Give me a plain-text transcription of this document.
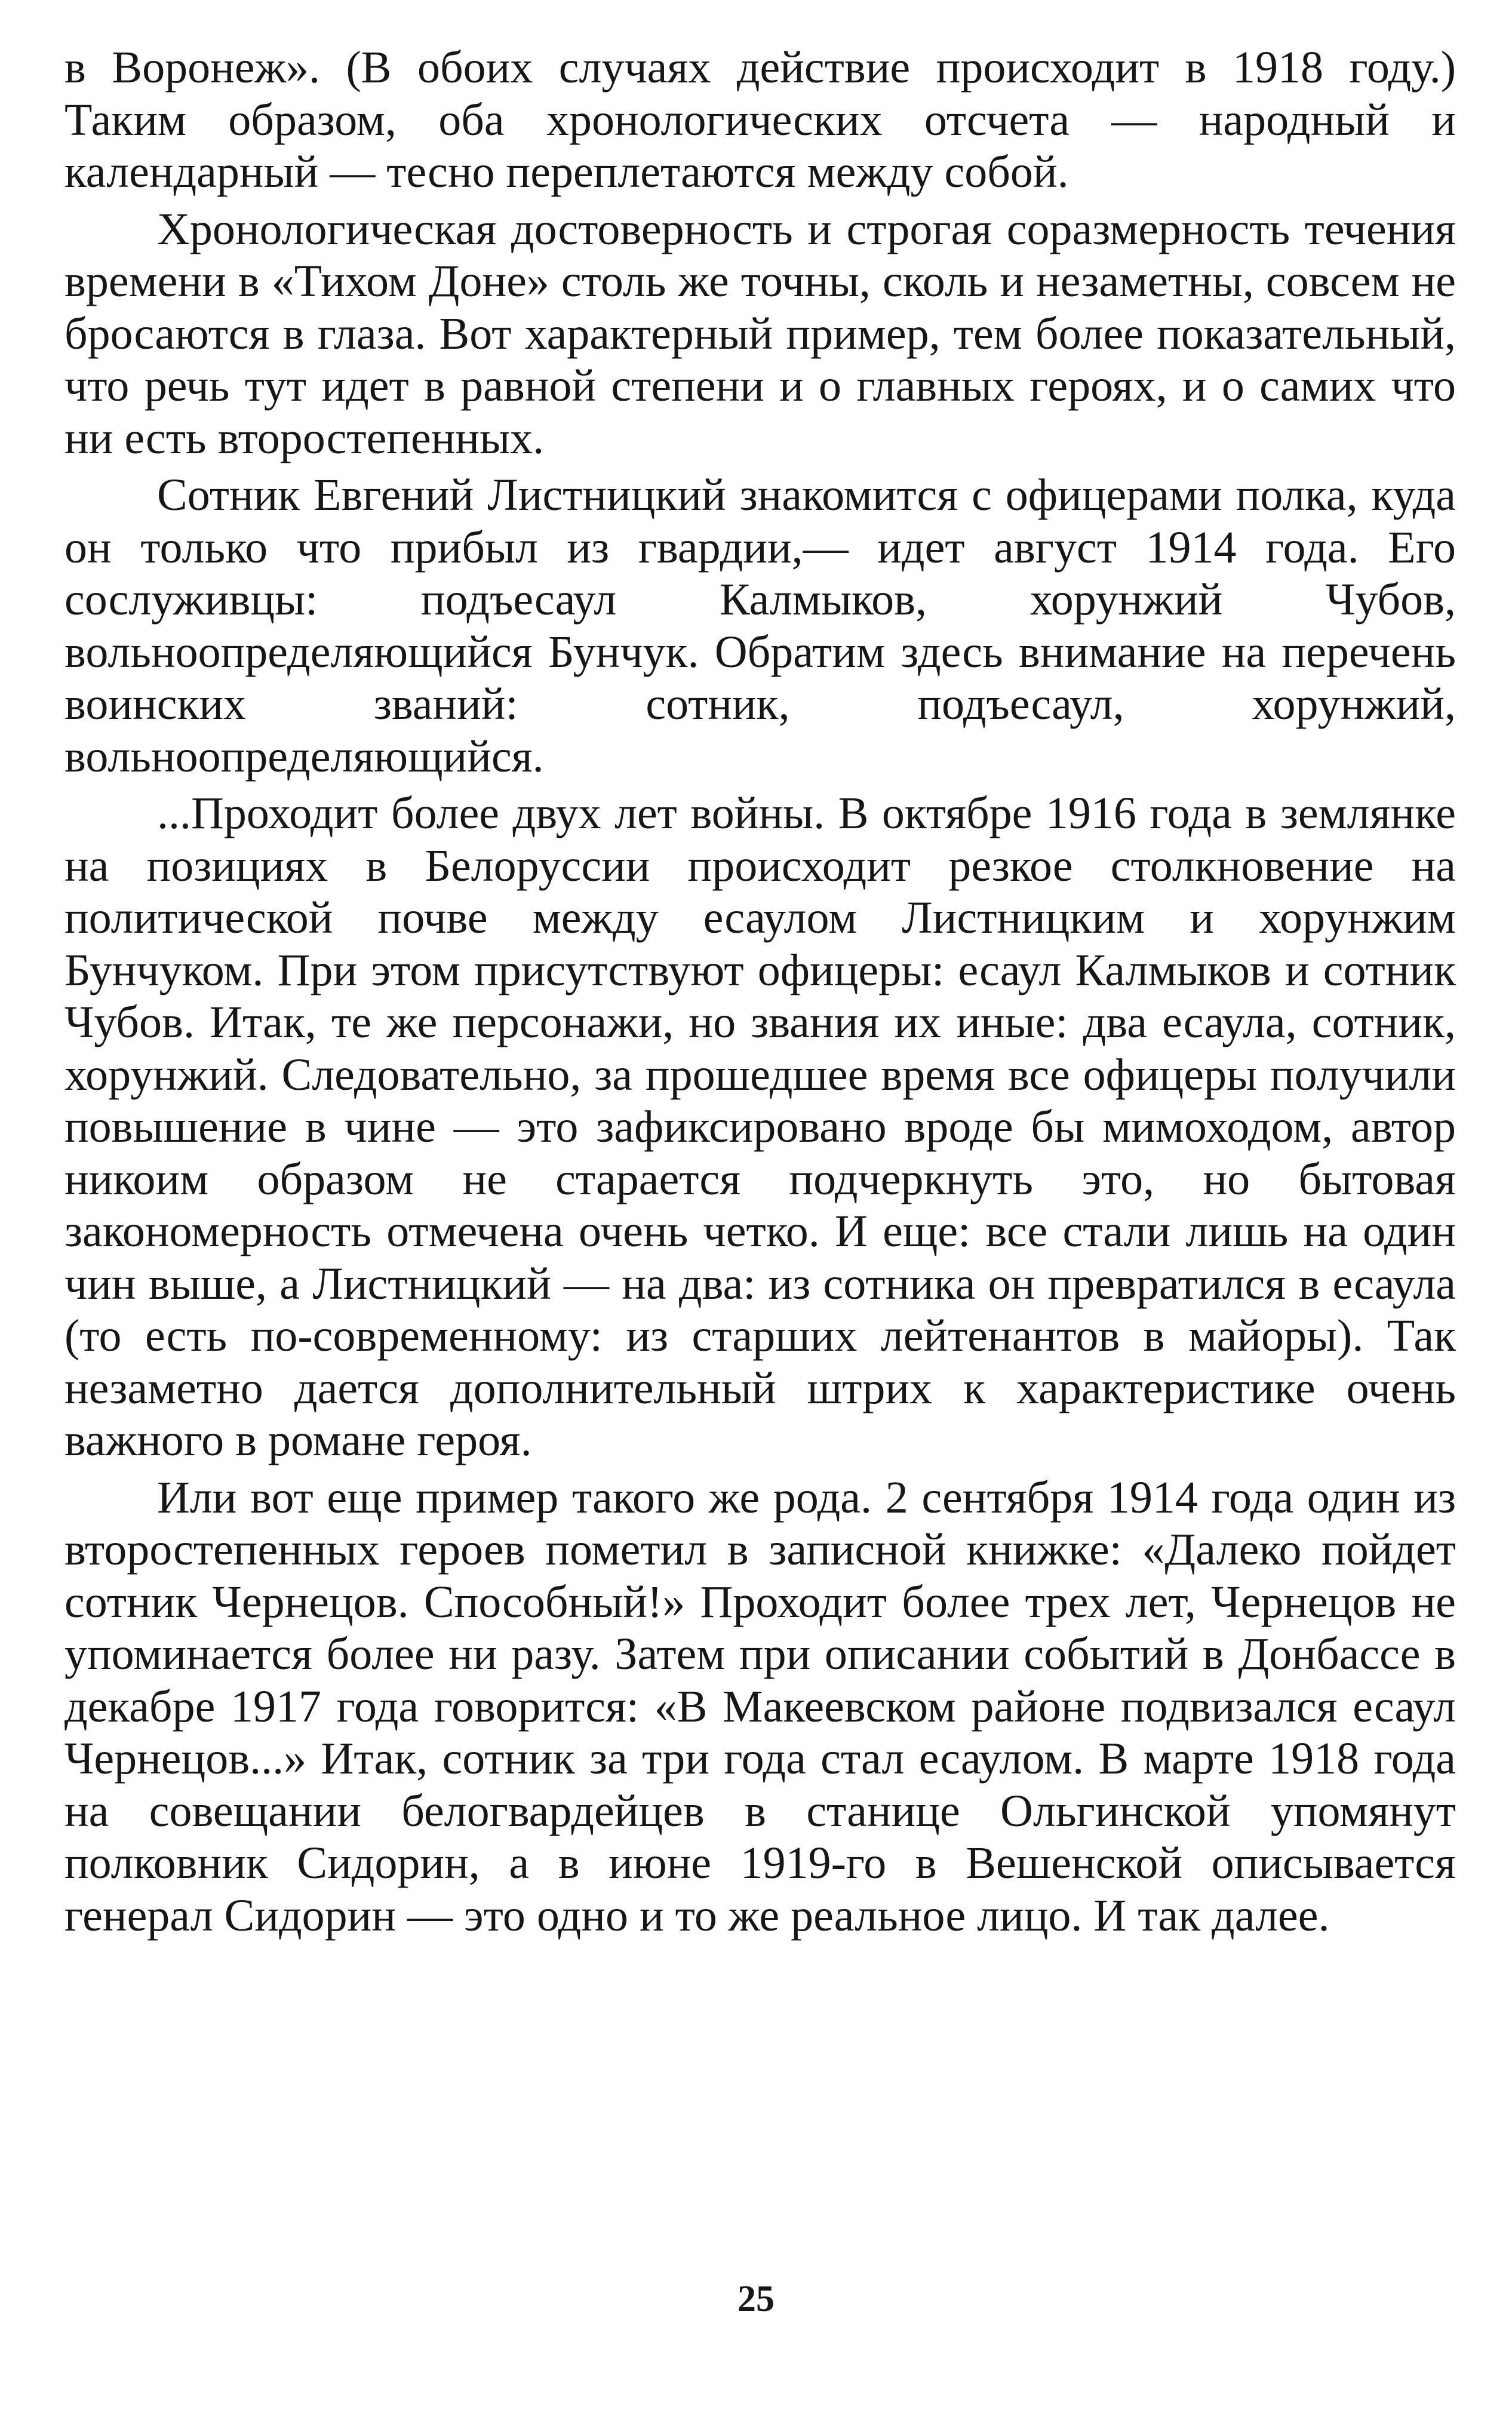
в Воронеж». (В обоих случаях действие происходит в 1918 году.) Таким образом, оба хронологических отсчета — народный и календарный — тесно переплетаются между собой.

Хронологическая достоверность и строгая соразмерность течения времени в «Тихом Доне» столь же точны, сколь и незаметны, совсем не бросаются в глаза. Вот характерный пример, тем более показательный, что речь тут идет в равной степени и о главных героях, и о самих что ни есть второстепенных.

Сотник Евгений Листницкий знакомится с офицерами полка, куда он только что прибыл из гвардии,— идет август 1914 года. Его сослуживцы: подъесаул Калмыков, хорунжий Чубов, вольноопределяющийся Бунчук. Обратим здесь внимание на перечень воинских званий: сотник, подъесаул, хорунжий, вольноопределяющийся.

...Проходит более двух лет войны. В октябре 1916 года в землянке на позициях в Белоруссии происходит резкое столкновение на политической почве между есаулом Листницким и хорунжим Бунчуком. При этом присутствуют офицеры: есаул Калмыков и сотник Чубов. Итак, те же персонажи, но звания их иные: два есаула, сотник, хорунжий. Следовательно, за прошедшее время все офицеры получили повышение в чине — это зафиксировано вроде бы мимоходом, автор никоим образом не старается подчеркнуть это, но бытовая закономерность отмечена очень четко. И еще: все стали лишь на один чин выше, а Листницкий — на два: из сотника он превратился в есаула (то есть по-современному: из старших лейтенантов в майоры). Так незаметно дается дополнительный штрих к характеристике очень важного в романе героя.

Или вот еще пример такого же рода. 2 сентября 1914 года один из второстепенных героев пометил в записной книжке: «Далеко пойдет сотник Чернецов. Способный!» Проходит более трех лет, Чернецов не упоминается более ни разу. Затем при описании событий в Донбассе в декабре 1917 года говорится: «В Макеевском районе подвизался есаул Чернецов...» Итак, сотник за три года стал есаулом. В марте 1918 года на совещании белогвардейцев в станице Ольгинской упомянут полковник Сидорин, а в июне 1919-го в Вешенской описывается генерал Сидорин — это одно и то же реальное лицо. И так далее.

25
